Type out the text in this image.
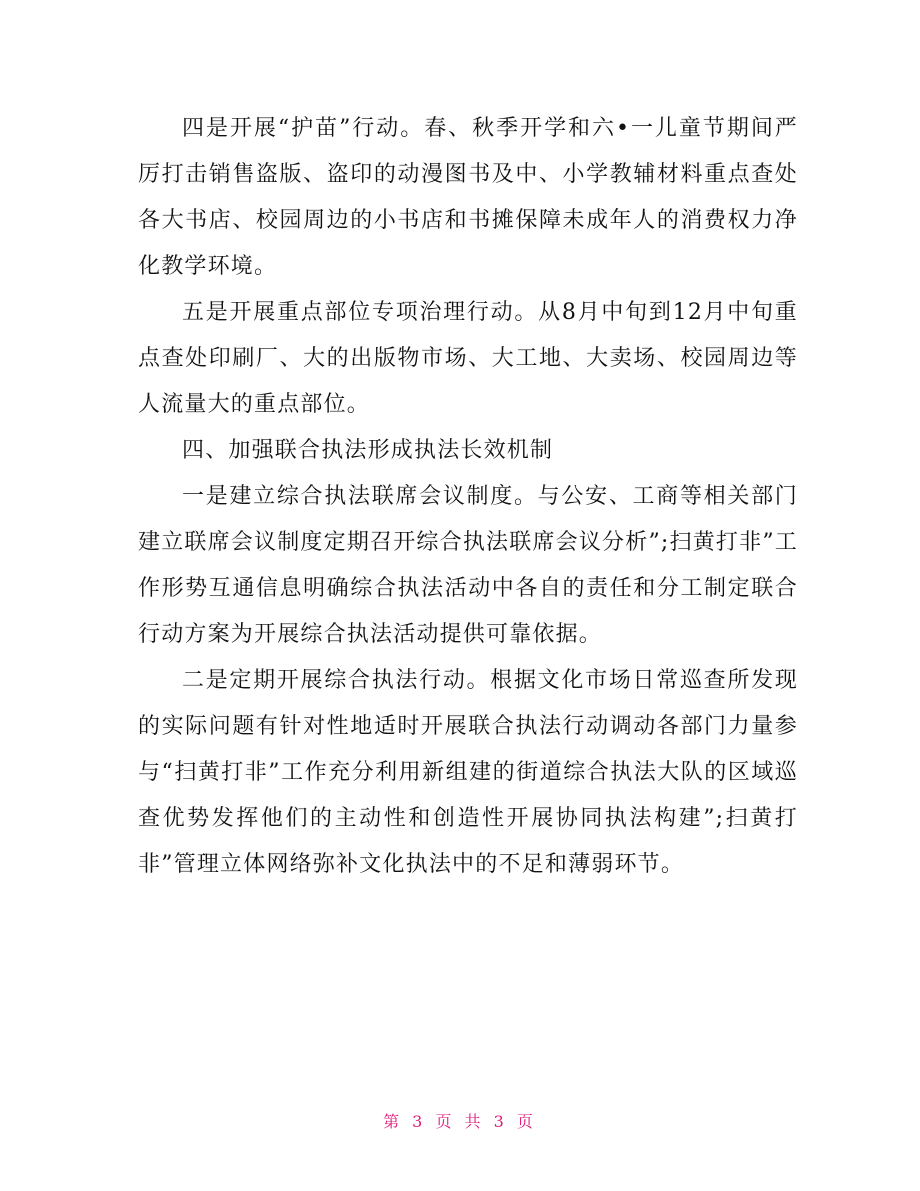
四是开展“护苗”行动。春、秋季开学和六•一儿童节期间严厉打击销售盗版、盗印的动漫图书及中、小学教辅材料重点查处各大书店、校园周边的小书店和书摊保障未成年人的消费权力净化教学环境。

五是开展重点部位专项治理行动。从8月中旬到12月中旬重点查处印刷厂、大的出版物市场、大工地、大卖场、校园周边等人流量大的重点部位。

四、加强联合执法形成执法长效机制

一是建立综合执法联席会议制度。与公安、工商等相关部门建立联席会议制度定期召开综合执法联席会议分析”;扫黄打非”工作形势互通信息明确综合执法活动中各自的责任和分工制定联合行动方案为开展综合执法活动提供可靠依据。

二是定期开展综合执法行动。根据文化市场日常巡查所发现的实际问题有针对性地适时开展联合执法行动调动各部门力量参与“扫黄打非”工作充分利用新组建的街道综合执法大队的区域巡查优势发挥他们的主动性和创造性开展协同执法构建”;扫黄打非”管理立体网络弥补文化执法中的不足和薄弱环节。

第 3 页 共 3 页
